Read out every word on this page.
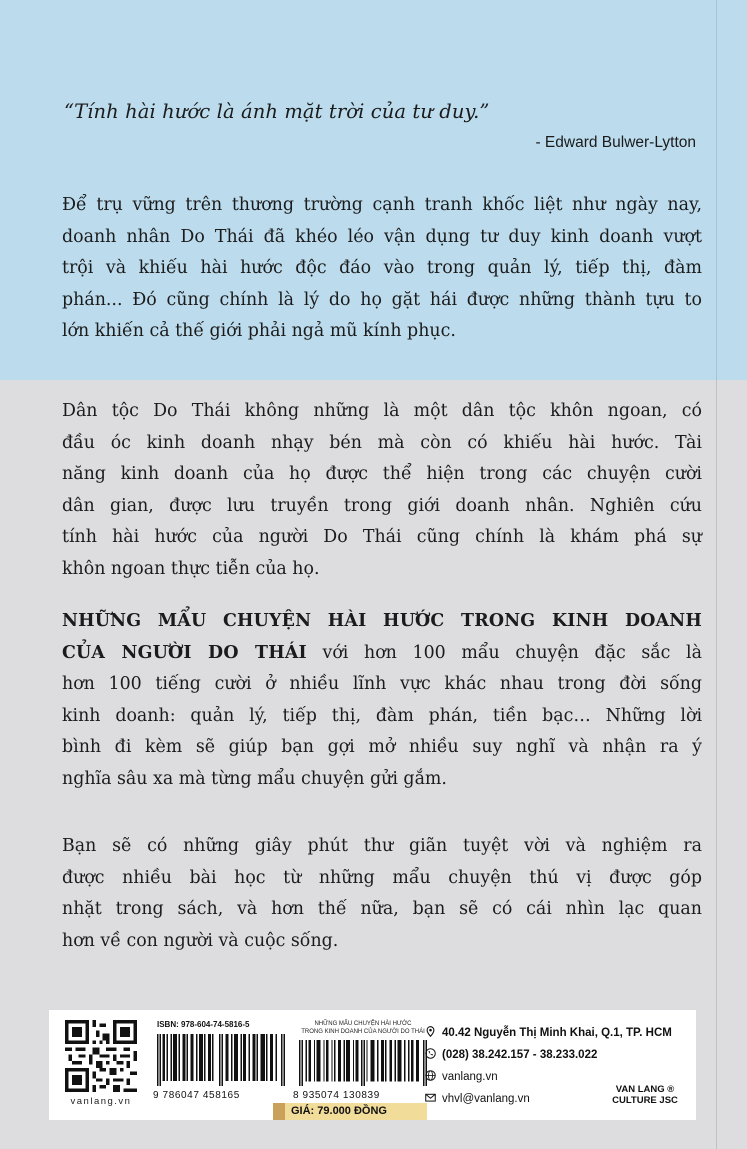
“Tính hài hước là ánh mặt trời của tư duy.”
- Edward Bulwer-Lytton
Để trụ vững trên thương trường cạnh tranh khốc liệt như ngày nay,
doanh nhân Do Thái đã khéo léo vận dụng tư duy kinh doanh vượt
trội và khiếu hài hước độc đáo vào trong quản lý, tiếp thị, đàm
phán... Đó cũng chính là lý do họ gặt hái được những thành tựu to
lớn khiến cả thế giới phải ngả mũ kính phục.
Dân tộc Do Thái không những là một dân tộc khôn ngoan, có
đầu óc kinh doanh nhạy bén mà còn có khiếu hài hước. Tài
năng kinh doanh của họ được thể hiện trong các chuyện cười
dân gian, được lưu truyền trong giới doanh nhân. Nghiên cứu
tính hài hước của người Do Thái cũng chính là khám phá sự
khôn ngoan thực tiễn của họ.
NHỮNG MẨU CHUYỆN HÀI HƯỚC TRONG KINH DOANH
CỦA NGƯỜI DO THÁI với hơn 100 mẩu chuyện đặc sắc là
hơn 100 tiếng cười ở nhiều lĩnh vực khác nhau trong đời sống
kinh doanh: quản lý, tiếp thị, đàm phán, tiền bạc… Những lời
bình đi kèm sẽ giúp bạn gợi mở nhiều suy nghĩ và nhận ra ý
nghĩa sâu xa mà từng mẩu chuyện gửi gắm.
Bạn sẽ có những giây phút thư giãn tuyệt vời và nghiệm ra
được nhiều bài học từ những mẩu chuyện thú vị được góp
nhặt trong sách, và hơn thế nữa, bạn sẽ có cái nhìn lạc quan
hơn về con người và cuộc sống.
vanlang.vn
ISBN: 978-604-74-5816-5
9 786047 458165
NHỮNG MẨU CHUYỆN HÀI HƯỚC
TRONG KINH DOANH CỦA NGƯỜI DO THÁI
8 935074 130839
GIÁ: 79.000 ĐỒNG
40.42 Nguyễn Thị Minh Khai, Q.1, TP. HCM
(028) 38.242.157 - 38.233.022
vanlang.vn
vhvl@vanlang.vn
VAN LANG ®
CULTURE JSC
